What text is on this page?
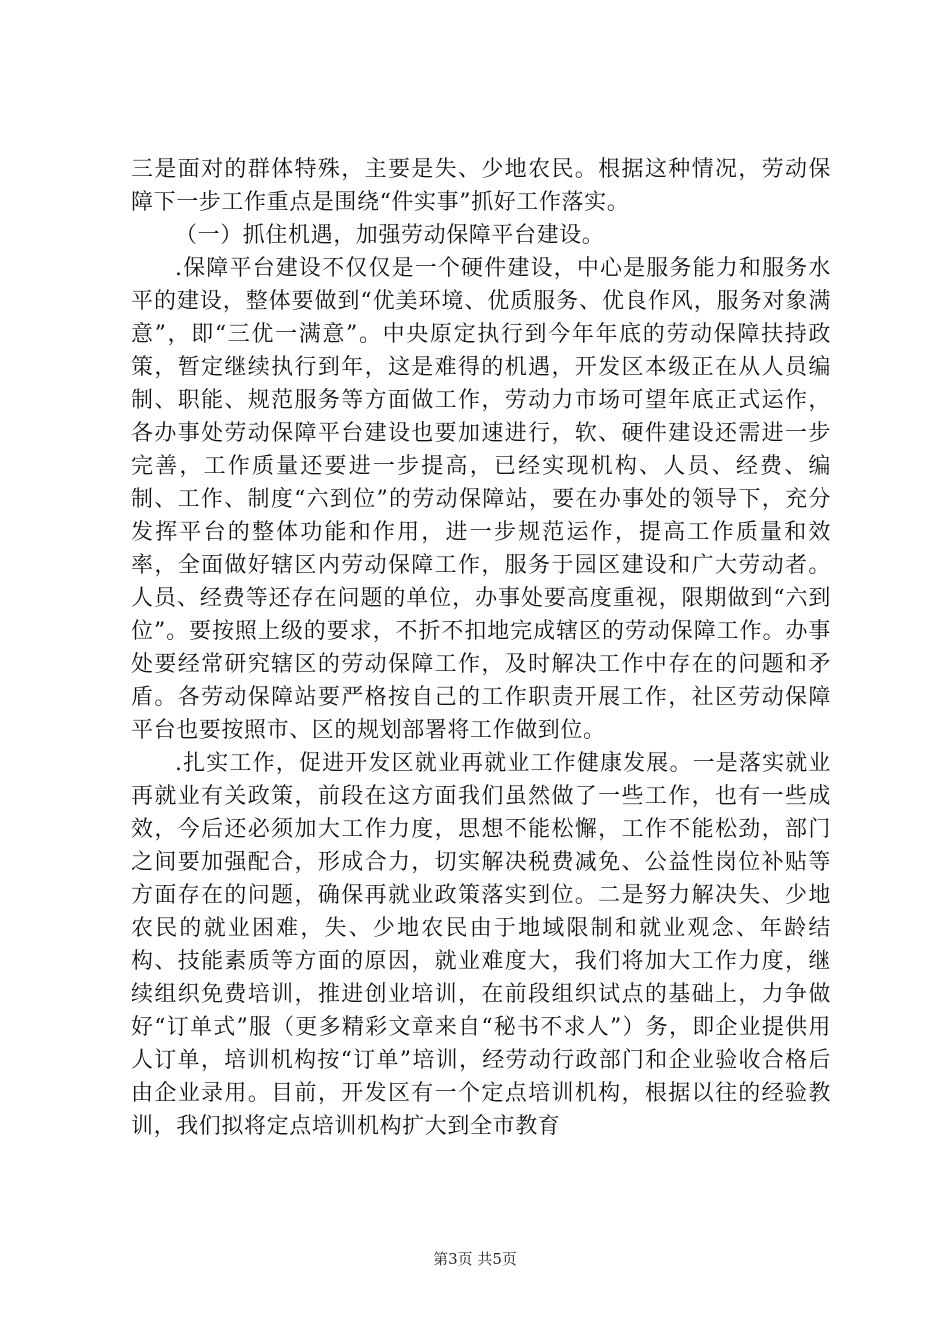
三是面对的群体特殊，主要是失、少地农民。根据这种情况，劳动保障下一步工作重点是围绕“件实事”抓好工作落实。

（一）抓住机遇，加强劳动保障平台建设。

.保障平台建设不仅仅是一个硬件建设，中心是服务能力和服务水平的建设，整体要做到“优美环境、优质服务、优良作风，服务对象满意”，即“三优一满意”。中央原定执行到今年年底的劳动保障扶持政策，暂定继续执行到年，这是难得的机遇，开发区本级正在从人员编制、职能、规范服务等方面做工作，劳动力市场可望年底正式运作，各办事处劳动保障平台建设也要加速进行，软、硬件建设还需进一步完善，工作质量还要进一步提高，已经实现机构、人员、经费、编制、工作、制度“六到位”的劳动保障站，要在办事处的领导下，充分发挥平台的整体功能和作用，进一步规范运作，提高工作质量和效率，全面做好辖区内劳动保障工作，服务于园区建设和广大劳动者。人员、经费等还存在问题的单位，办事处要高度重视，限期做到“六到位”。要按照上级的要求，不折不扣地完成辖区的劳动保障工作。办事处要经常研究辖区的劳动保障工作，及时解决工作中存在的问题和矛盾。各劳动保障站要严格按自己的工作职责开展工作，社区劳动保障平台也要按照市、区的规划部署将工作做到位。

.扎实工作，促进开发区就业再就业工作健康发展。一是落实就业再就业有关政策，前段在这方面我们虽然做了一些工作，也有一些成效，今后还必须加大工作力度，思想不能松懈，工作不能松劲，部门之间要加强配合，形成合力，切实解决税费减免、公益性岗位补贴等方面存在的问题，确保再就业政策落实到位。二是努力解决失、少地农民的就业困难，失、少地农民由于地域限制和就业观念、年龄结构、技能素质等方面的原因，就业难度大，我们将加大工作力度，继续组织免费培训，推进创业培训，在前段组织试点的基础上，力争做好“订单式”服（更多精彩文章来自“秘书不求人”）务，即企业提供用人订单，培训机构按“订单”培训，经劳动行政部门和企业验收合格后由企业录用。目前，开发区有一个定点培训机构，根据以往的经验教训，我们拟将定点培训机构扩大到全市教育

第3页 共5页
